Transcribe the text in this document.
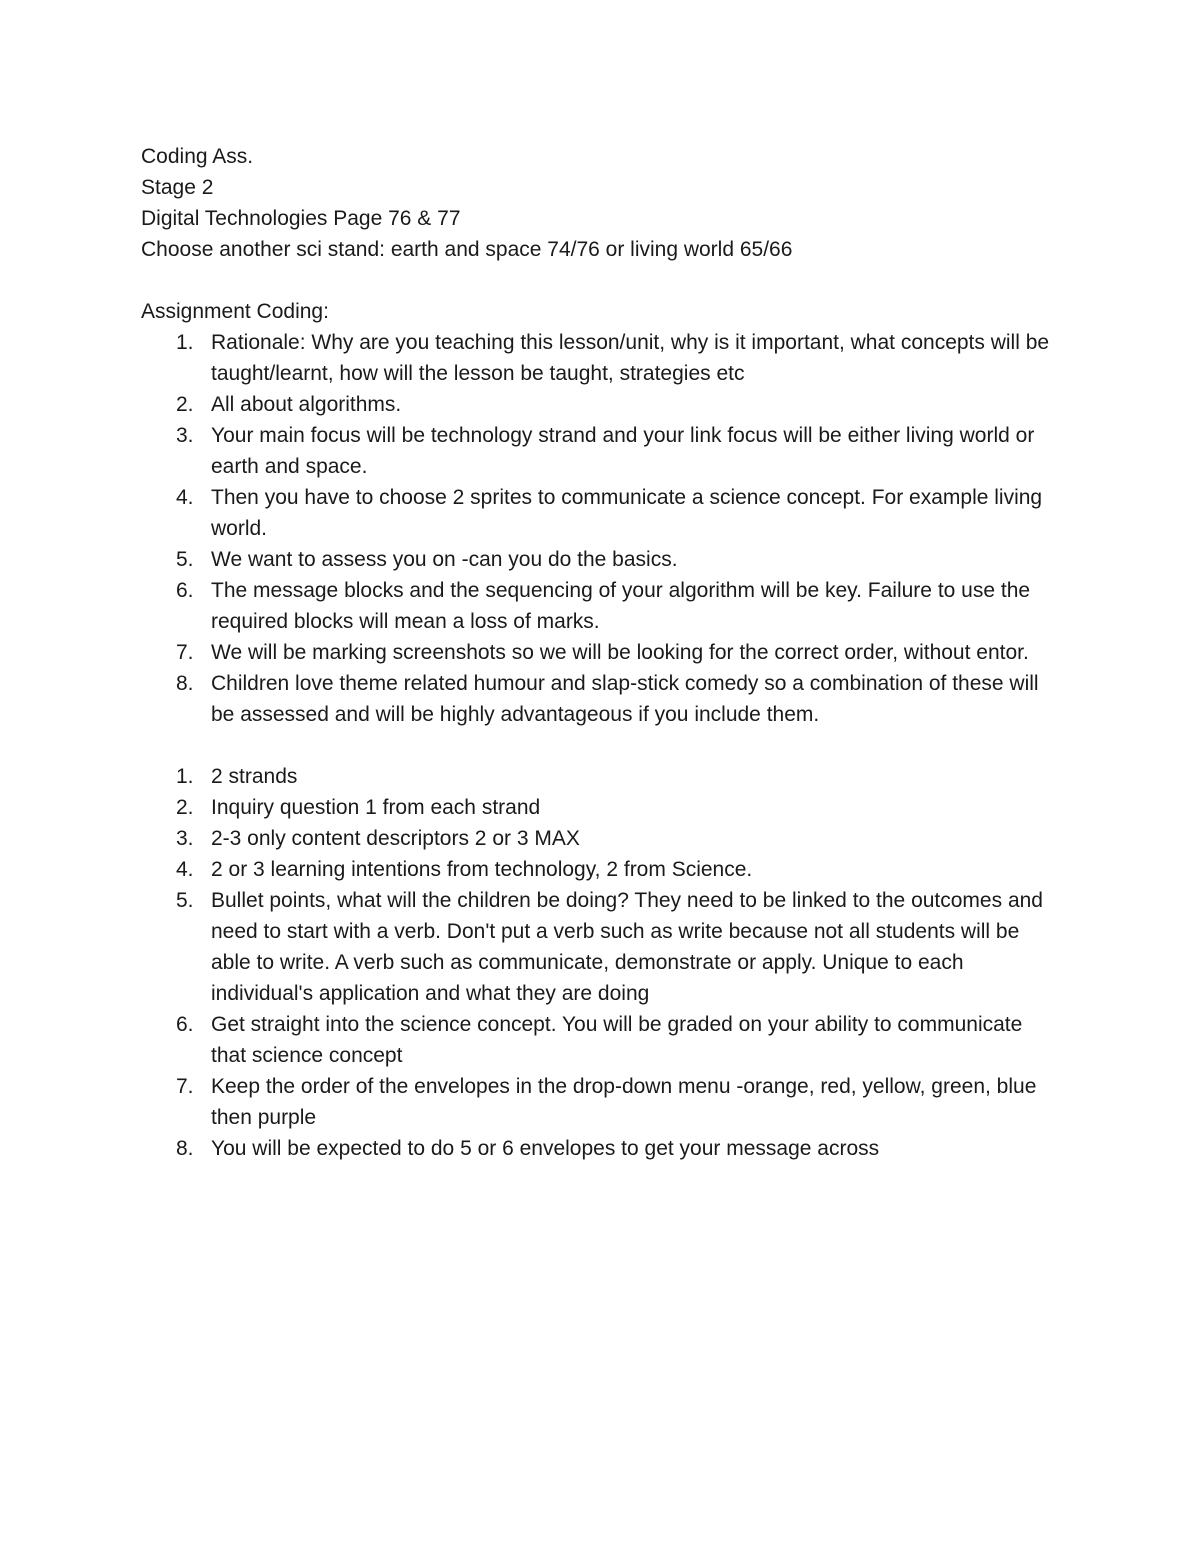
Coding Ass.

Stage 2

Digital Technologies Page 76 & 77

Choose another sci stand: earth and space 74/76 or living world 65/66

Assignment Coding:

1. Rationale: Why are you teaching this lesson/unit, why is it important, what concepts will be taught/learnt, how will the lesson be taught, strategies etc
2. All about algorithms.
3. Your main focus will be technology strand and your link focus will be either living world or earth and space.
4. Then you have to choose 2 sprites to communicate a science concept. For example living world.
5. We want to assess you on -can you do the basics.
6. The message blocks and the sequencing of your algorithm will be key. Failure to use the required blocks will mean a loss of marks.
7. We will be marking screenshots so we will be looking for the correct order, without entor.
8. Children love theme related humour and slap-stick comedy so a combination of these will be assessed and will be highly advantageous if you include them.
1. 2 strands
2. Inquiry question 1 from each strand
3. 2-3 only content descriptors 2 or 3 MAX
4. 2 or 3 learning intentions from technology, 2 from Science.
5. Bullet points, what will the children be doing? They need to be linked to the outcomes and need to start with a verb. Don't put a verb such as write because not all students will be able to write. A verb such as communicate, demonstrate or apply. Unique to each individual's application and what they are doing
6. Get straight into the science concept. You will be graded on your ability to communicate that science concept
7. Keep the order of the envelopes in the drop-down menu -orange, red, yellow, green, blue then purple
8. You will be expected to do 5 or 6 envelopes to get your message across
